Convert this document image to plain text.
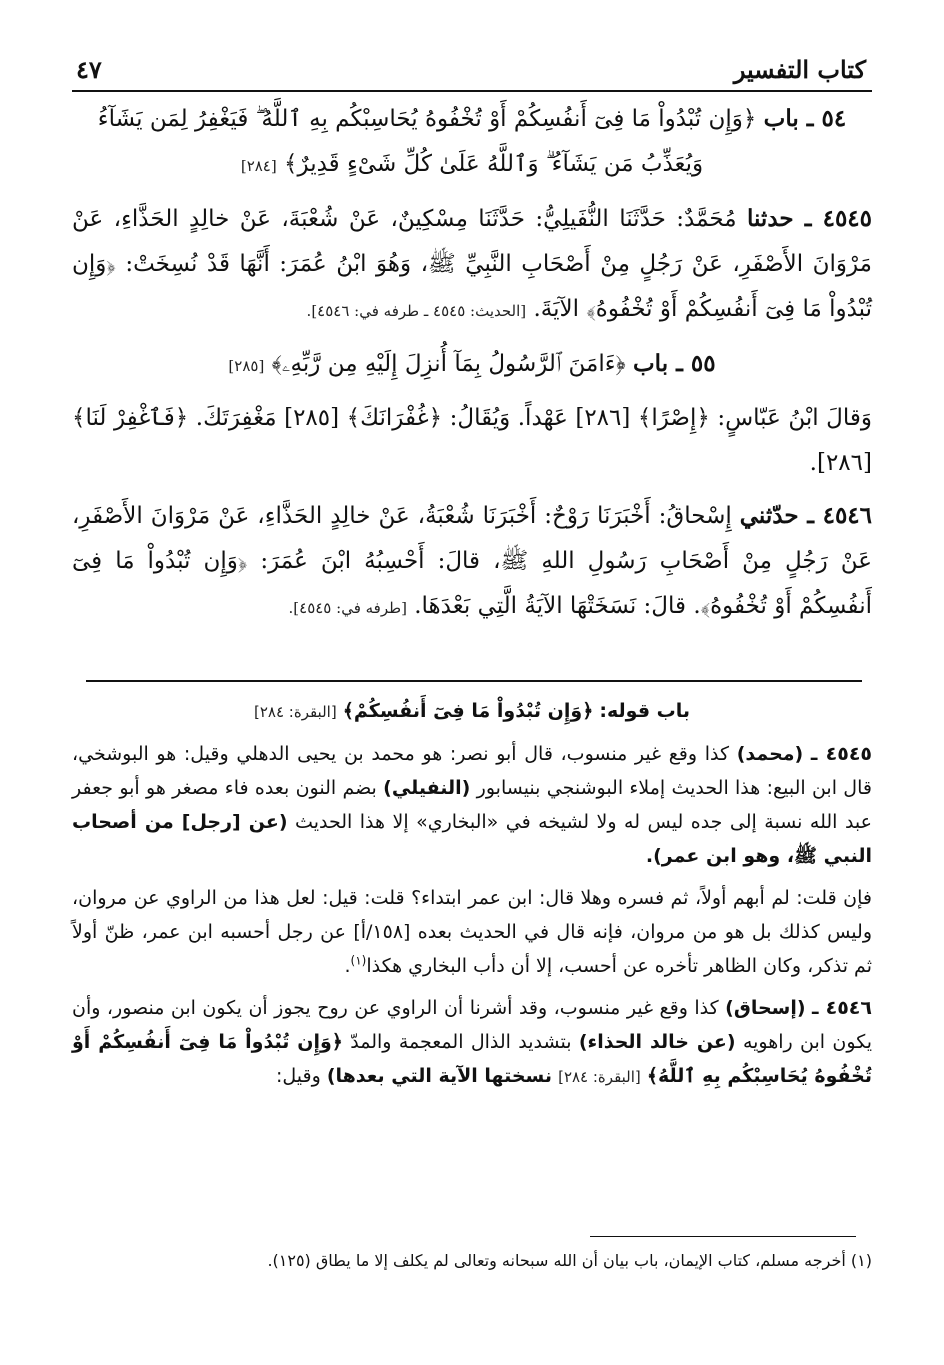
كتاب التفسير
٤٧

٥٤ ـ باب ﴿وَإِن تُبْدُواْ مَا فِىٓ أَنفُسِكُمْ أَوْ تُخْفُوهُ يُحَاسِبْكُم بِهِ ٱللَّهُ ۖ فَيَغْفِرُ لِمَن يَشَآءُ وَيُعَذِّبُ مَن يَشَآءُ ۗ وَٱللَّهُ عَلَىٰ كُلِّ شَىْءٍ قَدِيرٌ﴾ [٢٨٤]

٤٥٤٥ ـ حدثنا مُحَمَّدٌ: حَدَّثَنَا النُّفَيلِيُّ: حَدَّثَنَا مِسْكِينٌ، عَنْ شُعْبَةَ، عَنْ خالِدٍ الحَذَّاءِ، عَنْ مَرْوَانَ الأَصْفَرِ، عَنْ رَجُلٍ مِنْ أَصْحَابِ النَّبِيِّ ﷺ، وَهُوَ ابْنُ عُمَرَ: أَنَّهَا قَدْ نُسِخَتْ: ﴿وَإِن تُبْدُواْ مَا فِىٓ أَنفُسِكُمْ أَوْ تُخْفُوهُ﴾ الآيَةَ. [الحديث: ٤٥٤٥ ـ طرفه في: ٤٥٤٦].

٥٥ ـ باب ﴿ءَامَنَ ٱلرَّسُولُ بِمَآ أُنزِلَ إِلَيْهِ مِن رَّبِّهِۦ﴾ [٢٨٥]

وَقالَ ابْنُ عَبّاسٍ: ﴿إِصْرًا﴾ [٢٨٦] عَهْداً. وَيُقَالُ: ﴿غُفْرَانَكَ﴾ [٢٨٥] مَغْفِرَتَكَ. ﴿فَٱغْفِرْ لَنَا﴾ [٢٨٦].

٤٥٤٦ ـ حدّثني إِسْحاقُ: أَخْبَرَنَا رَوْحٌ: أَخْبَرَنَا شُعْبَةُ، عَنْ خالِدٍ الحَذَّاءِ، عَنْ مَرْوَانَ الأَصْفَرِ، عَنْ رَجُلٍ مِنْ أَصْحَابِ رَسُولِ اللهِ ﷺ، قالَ: أَحْسِبُهُ ابْنَ عُمَرَ: ﴿وَإِن تُبْدُواْ مَا فِىٓ أَنفُسِكُمْ أَوْ تُخْفُوهُ﴾. قالَ: نَسَخَتْهَا الآيَةُ الَّتِي بَعْدَهَا. [طرفه في: ٤٥٤٥].

باب قوله: ﴿وَإِن تُبْدُواْ مَا فِىٓ أَنفُسِكُمْ﴾ [البقرة: ٢٨٤]

٤٥٤٥ ـ (محمد) كذا وقع غير منسوب، قال أبو نصر: هو محمد بن يحيى الدهلي وقيل: هو البوشخي، قال ابن البيع: هذا الحديث إملاء البوشنجي بنيسابور (النفيلي) بضم النون بعده فاء مصغر هو أبو جعفر عبد الله نسبة إلى جده ليس له ولا لشيخه في «البخاري» إلا هذا الحديث (عن [رجل] من أصحاب النبي ﷺ، وهو ابن عمر).

فإن قلت: لم أبهم أولاً، ثم فسره وهلا قال: ابن عمر ابتداء؟ قلت: قيل: لعل هذا من الراوي عن مروان، وليس كذلك بل هو من مروان، فإنه قال في الحديث بعده [١٥٨/أ] عن رجل أحسبه ابن عمر، ظنّ أولاً ثم تذكر، وكان الظاهر تأخره عن أحسب، إلا أن دأب البخاري هكذا$^{(١)}$.

٤٥٤٦ ـ (إسحاق) كذا وقع غير منسوب، وقد أشرنا أن الراوي عن روح يجوز أن يكون ابن منصور، وأن يكون ابن راهويه (عن خالد الحذاء) بتشديد الذال المعجمة والمدّ ﴿وَإِن تُبْدُواْ مَا فِىٓ أَنفُسِكُمْ أَوْ تُخْفُوهُ يُحَاسِبْكُم بِهِ ٱللَّهُ﴾ [البقرة: ٢٨٤] نسختها الآية التي بعدها) وقيل:

(١) أخرجه مسلم، كتاب الإيمان، باب بيان أن الله سبحانه وتعالى لم يكلف إلا ما يطاق (١٢٥).
